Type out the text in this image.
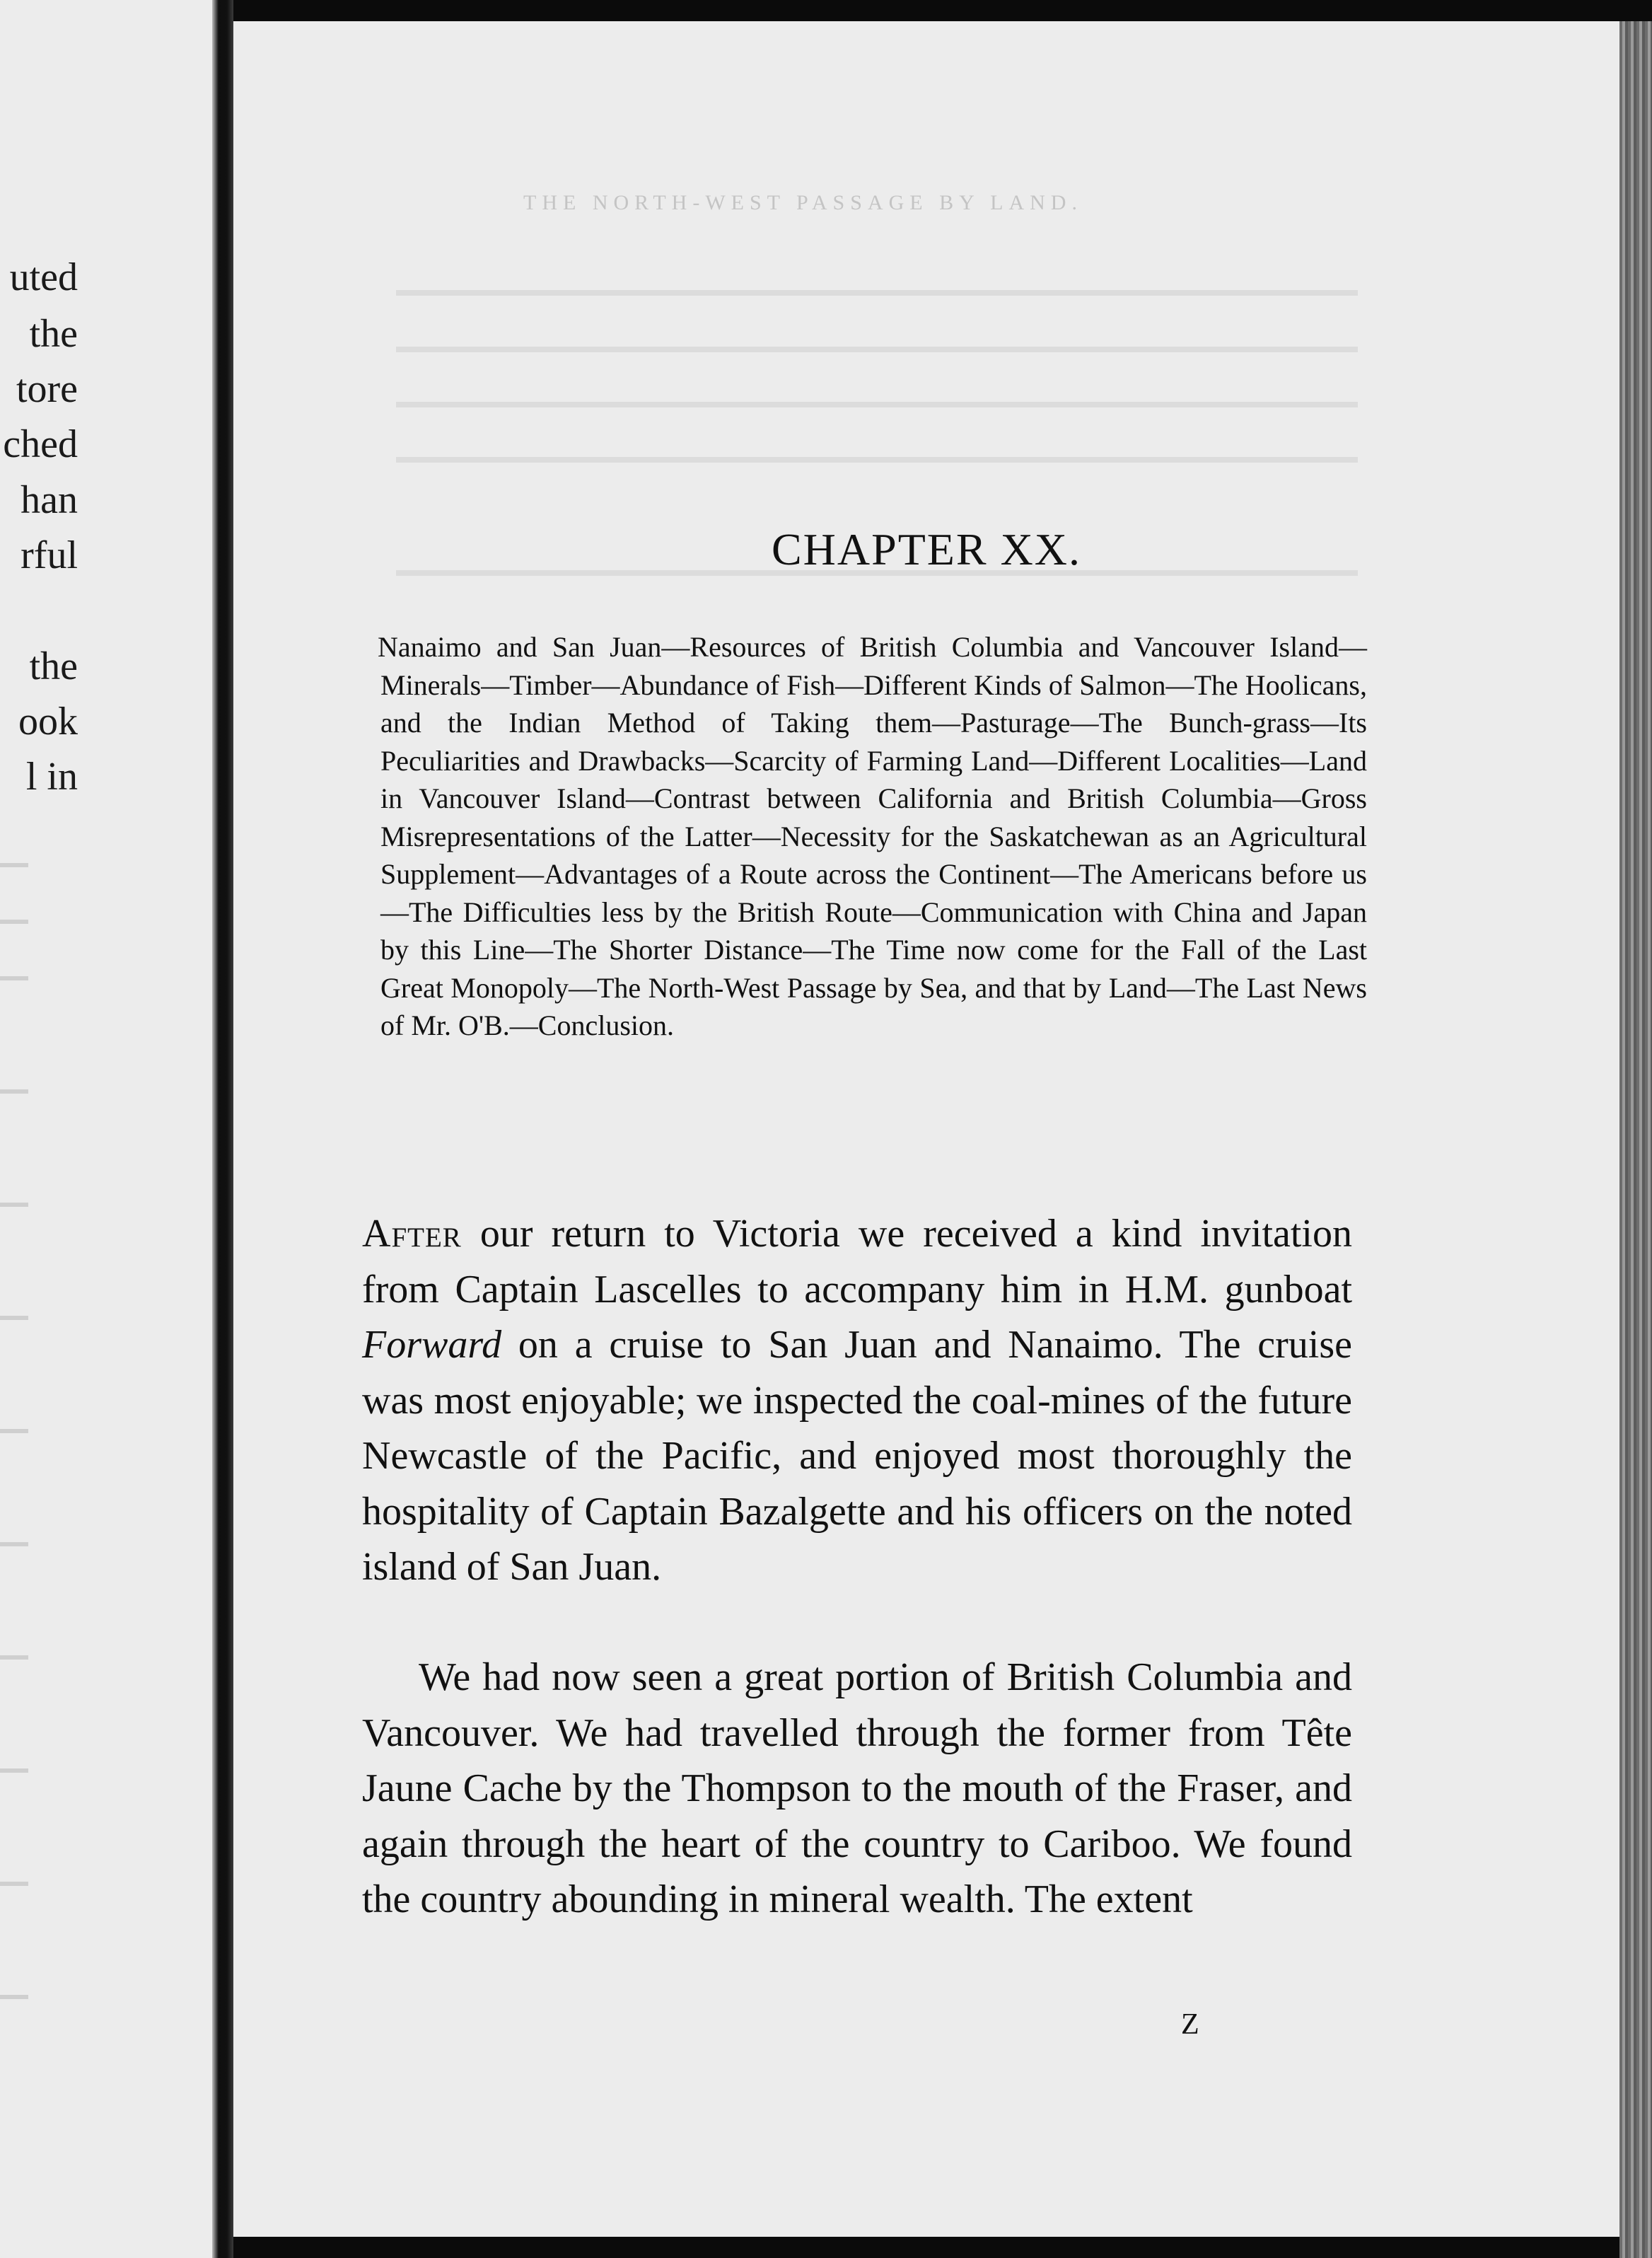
uted
the
tore
ched
han
rful
the
ook
l in
THE NORTH-WEST PASSAGE BY LAND.
CHAPTER XX.
Nanaimo and San Juan—Resources of British Columbia and Vancouver Island—Minerals—Timber—Abundance of Fish—Different Kinds of Salmon—The Hoolicans, and the Indian Method of Taking them—Pasturage—The Bunch-grass—Its Peculiarities and Drawbacks—Scarcity of Farming Land—Different Localities—Land in Vancouver Island—Contrast between California and British Columbia—Gross Misrepresentations of the Latter—Necessity for the Saskatchewan as an Agricultural Supplement—Advantages of a Route across the Continent—The Americans before us—The Difficulties less by the British Route—Communication with China and Japan by this Line—The Shorter Distance—The Time now come for the Fall of the Last Great Monopoly—The North-West Passage by Sea, and that by Land—The Last News of Mr. O'B.—Conclusion.
After our return to Victoria we received a kind invitation from Captain Lascelles to accompany him in H.M. gunboat Forward on a cruise to San Juan and Nanaimo. The cruise was most enjoyable; we inspected the coal-mines of the future Newcastle of the Pacific, and enjoyed most thoroughly the hospitality of Captain Bazalgette and his officers on the noted island of San Juan.
We had now seen a great portion of British Columbia and Vancouver. We had travelled through the former from Tête Jaune Cache by the Thompson to the mouth of the Fraser, and again through the heart of the country to Cariboo. We found the country abounding in mineral wealth. The extent
Z
